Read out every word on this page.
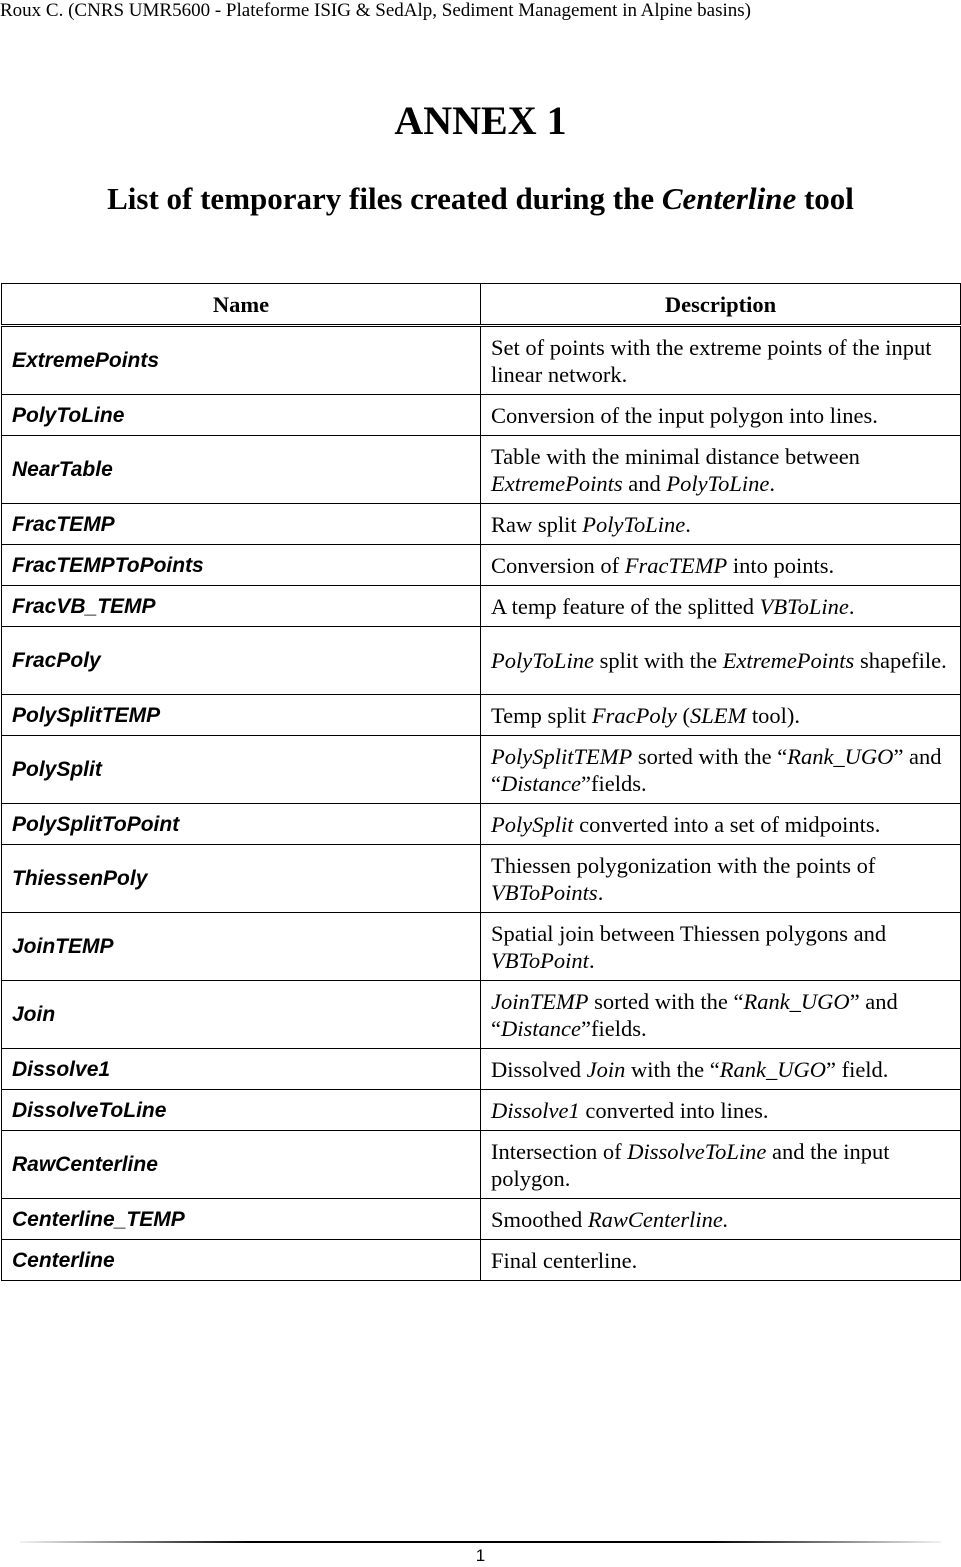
Roux C. (CNRS UMR5600 - Plateforme ISIG & SedAlp, Sediment Management in Alpine basins)
ANNEX 1
List of temporary files created during the Centerline tool
Name	Description
ExtremePoints	Set of points with the extreme points of the input linear network.
PolyToLine	Conversion of the input polygon into lines.
NearTable	Table with the minimal distance between ExtremePoints and PolyToLine.
FracTEMP	Raw split PolyToLine.
FracTEMPToPoints	Conversion of FracTEMP into points.
FracVB_TEMP	A temp feature of the splitted VBToLine.
FracPoly	PolyToLine split with the ExtremePoints shapefile.
PolySplitTEMP	Temp split FracPoly (SLEM tool).
PolySplit	PolySplitTEMP sorted with the “Rank_UGO” and “Distance”fields.
PolySplitToPoint	PolySplit converted into a set of midpoints.
ThiessenPoly	Thiessen polygonization with the points of VBToPoints.
JoinTEMP	Spatial join between Thiessen polygons and VBToPoint.
Join	JoinTEMP sorted with the “Rank_UGO” and “Distance”fields.
Dissolve1	Dissolved Join with the “Rank_UGO” field.
DissolveToLine	Dissolve1 converted into lines.
RawCenterline	Intersection of DissolveToLine and the input polygon.
Centerline_TEMP	Smoothed RawCenterline.
Centerline	Final centerline.
1
